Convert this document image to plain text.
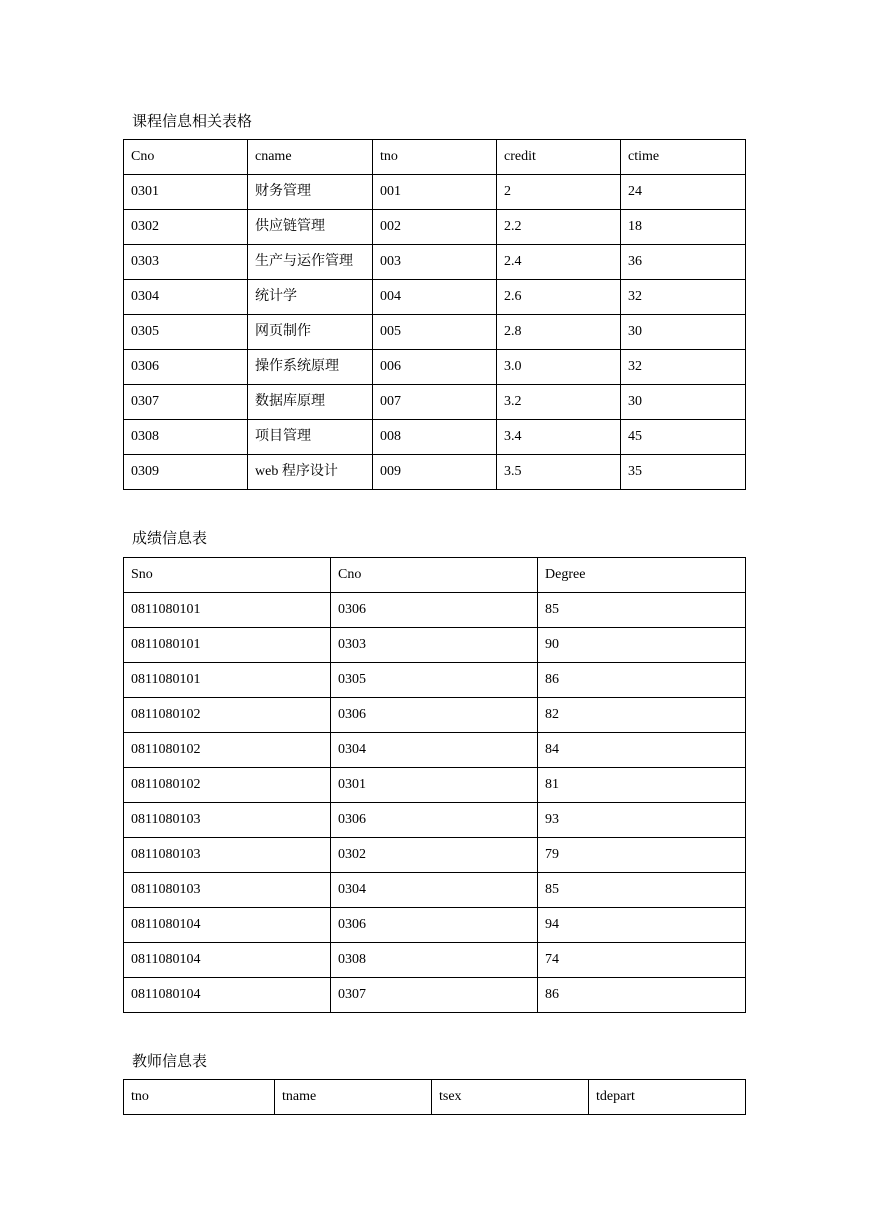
课程信息相关表格
Cno	cname	tno	credit	ctime
0301	财务管理	001	2	24
0302	供应链管理	002	2.2	18
0303	生产与运作管理	003	2.4	36
0304	统计学	004	2.6	32
0305	网页制作	005	2.8	30
0306	操作系统原理	006	3.0	32
0307	数据库原理	007	3.2	30
0308	项目管理	008	3.4	45
0309	web 程序设计	009	3.5	35
成绩信息表
Sno	Cno	Degree
0811080101	0306	85
0811080101	0303	90
0811080101	0305	86
0811080102	0306	82
0811080102	0304	84
0811080102	0301	81
0811080103	0306	93
0811080103	0302	79
0811080103	0304	85
0811080104	0306	94
0811080104	0308	74
0811080104	0307	86
教师信息表
tno	tname	tsex	tdepart
